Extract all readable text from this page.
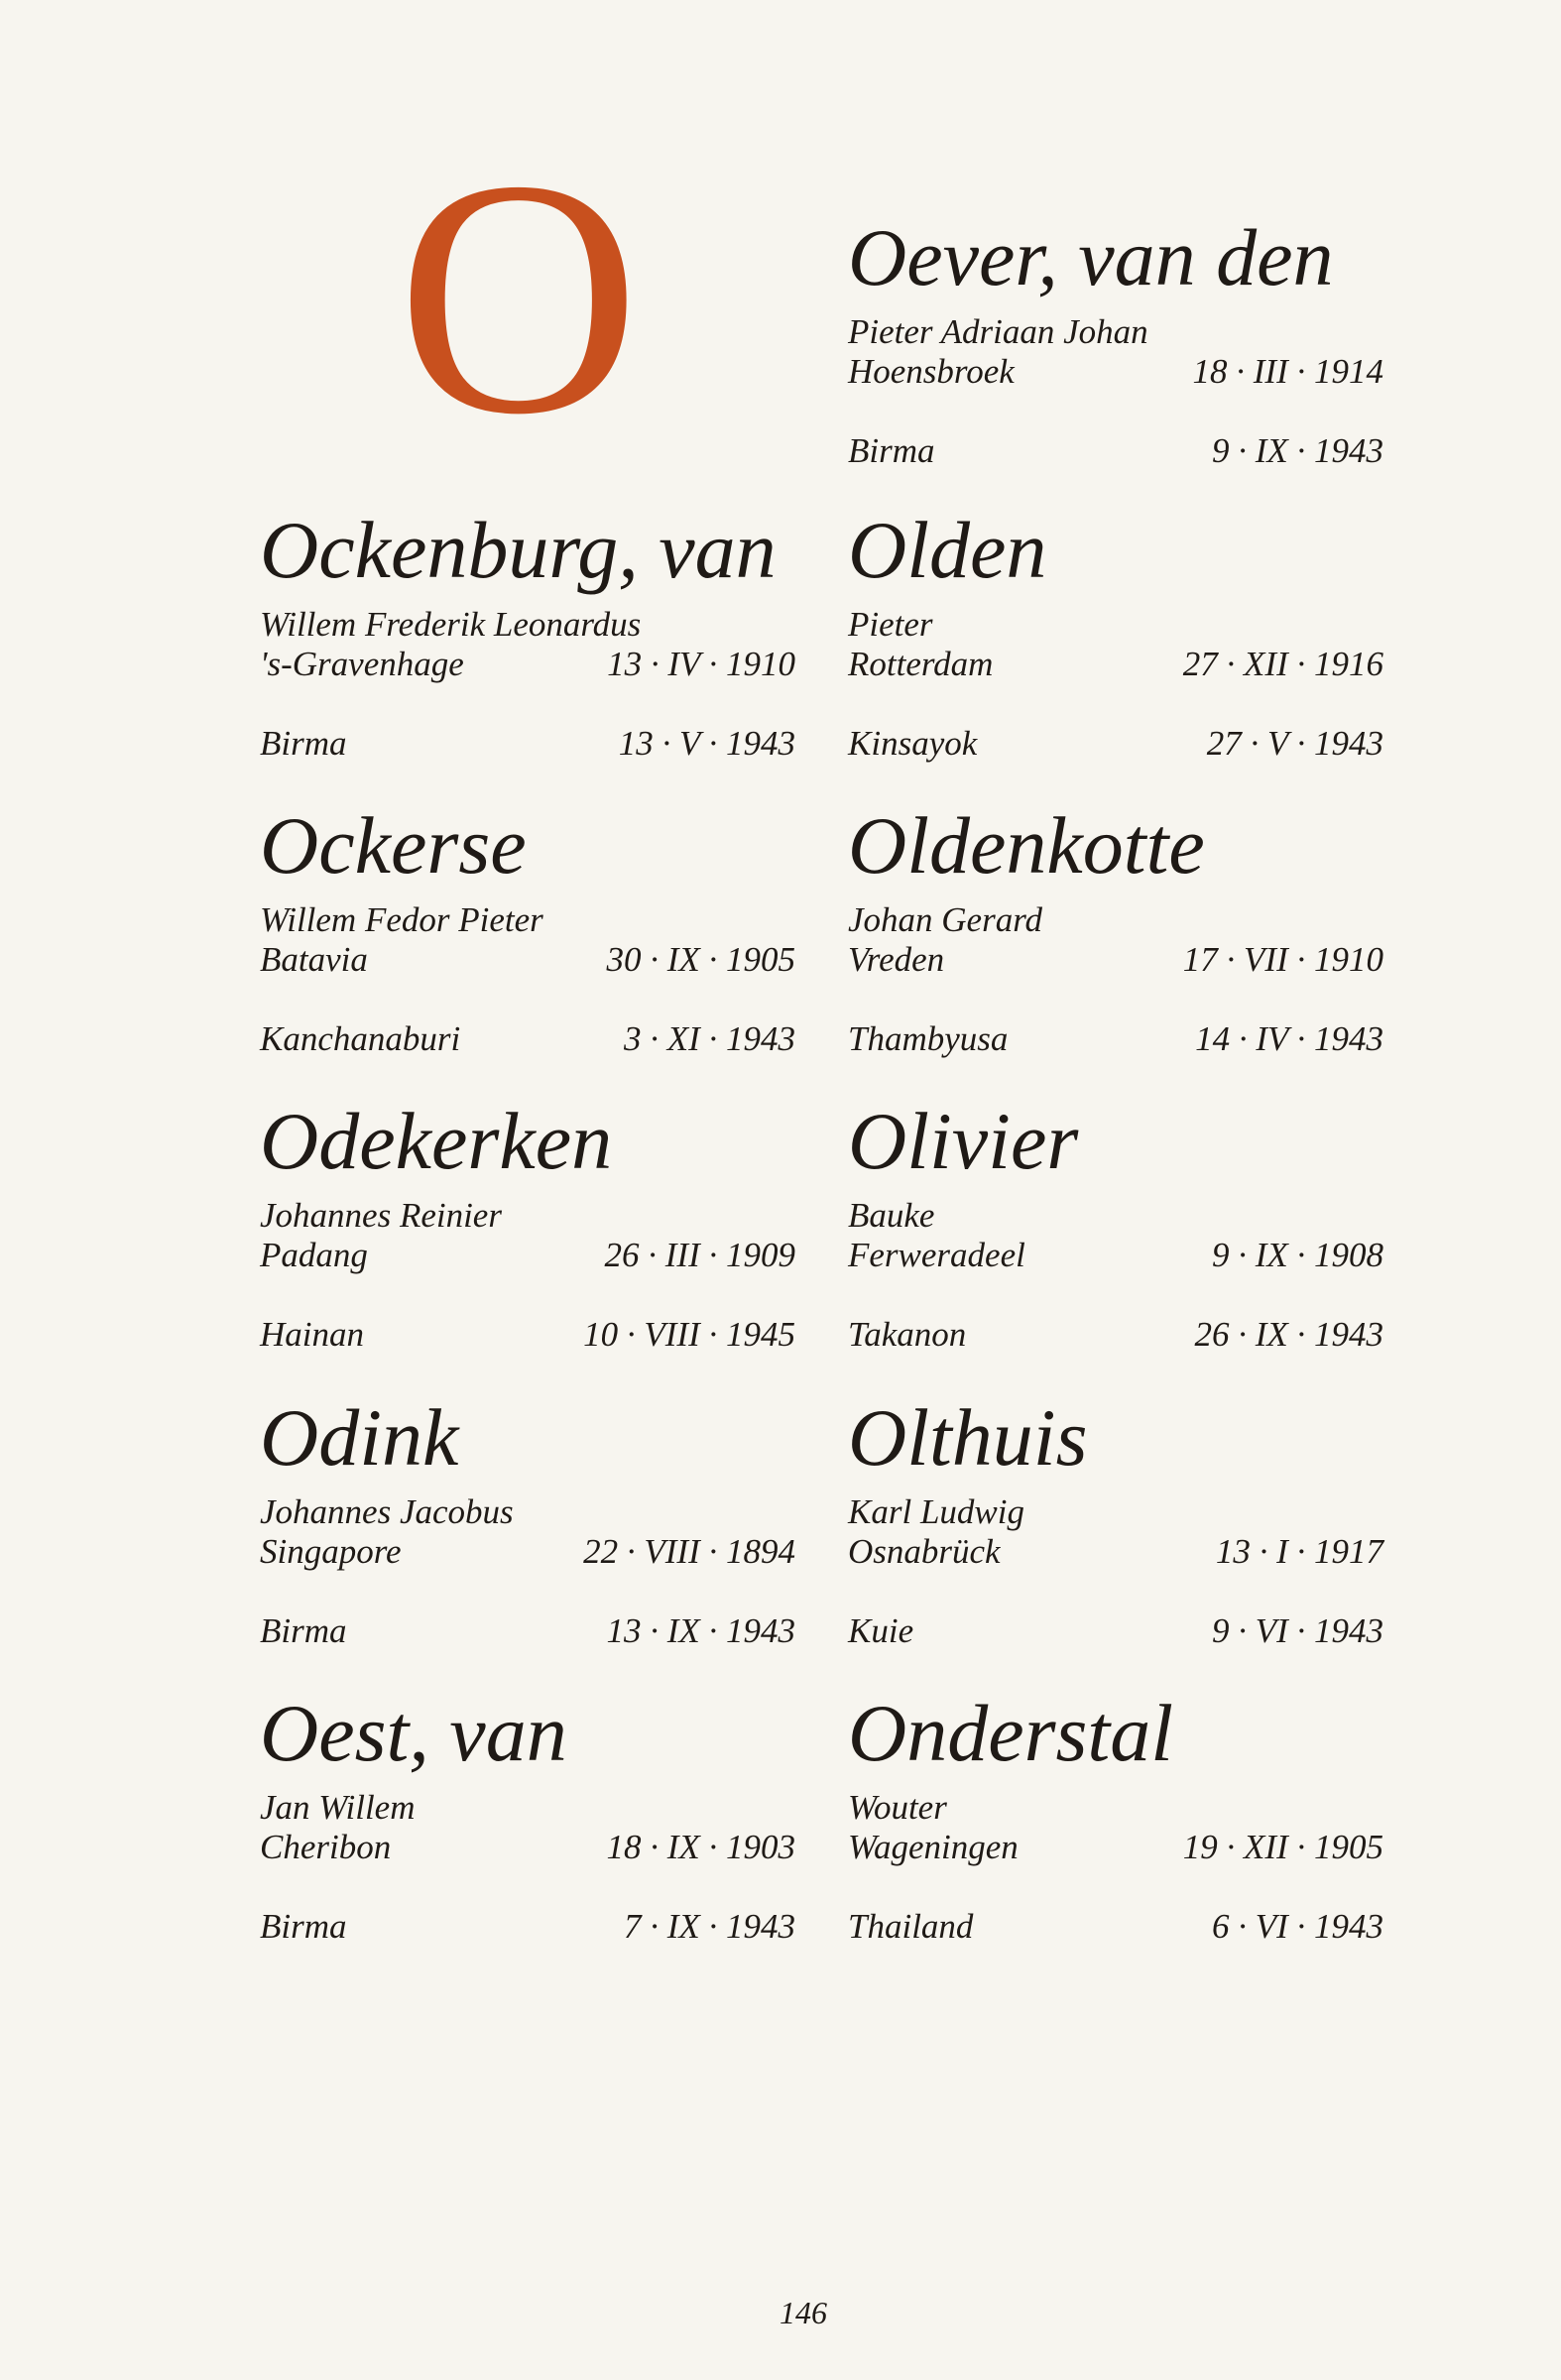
O	Oever, van den
Pieter Adriaan Johan
Hoensbroek	18 · III · 1914
Birma	9 · IX · 1943
Ockenburg, van
Willem Frederik Leonardus
's-Gravenhage	13 · IV · 1910
Birma	13 · V · 1943
Olden
Pieter
Rotterdam	27 · XII · 1916
Kinsayok	27 · V · 1943
Ockerse
Willem Fedor Pieter
Batavia	30 · IX · 1905
Kanchanaburi	3 · XI · 1943
Oldenkotte
Johan Gerard
Vreden	17 · VII · 1910
Thambyusa	14 · IV · 1943
Odekerken
Johannes Reinier
Padang	26 · III · 1909
Hainan	10 · VIII · 1945
Olivier
Bauke
Ferweradeel	9 · IX · 1908
Takanon	26 · IX · 1943
Odink
Johannes Jacobus
Singapore	22 · VIII · 1894
Birma	13 · IX · 1943
Olthuis
Karl Ludwig
Osnabrück	13 · I · 1917
Kuie	9 · VI · 1943
Oest, van
Jan Willem
Cheribon	18 · IX · 1903
Birma	7 · IX · 1943
Onderstal
Wouter
Wageningen	19 · XII · 1905
Thailand	6 · VI · 1943
146
